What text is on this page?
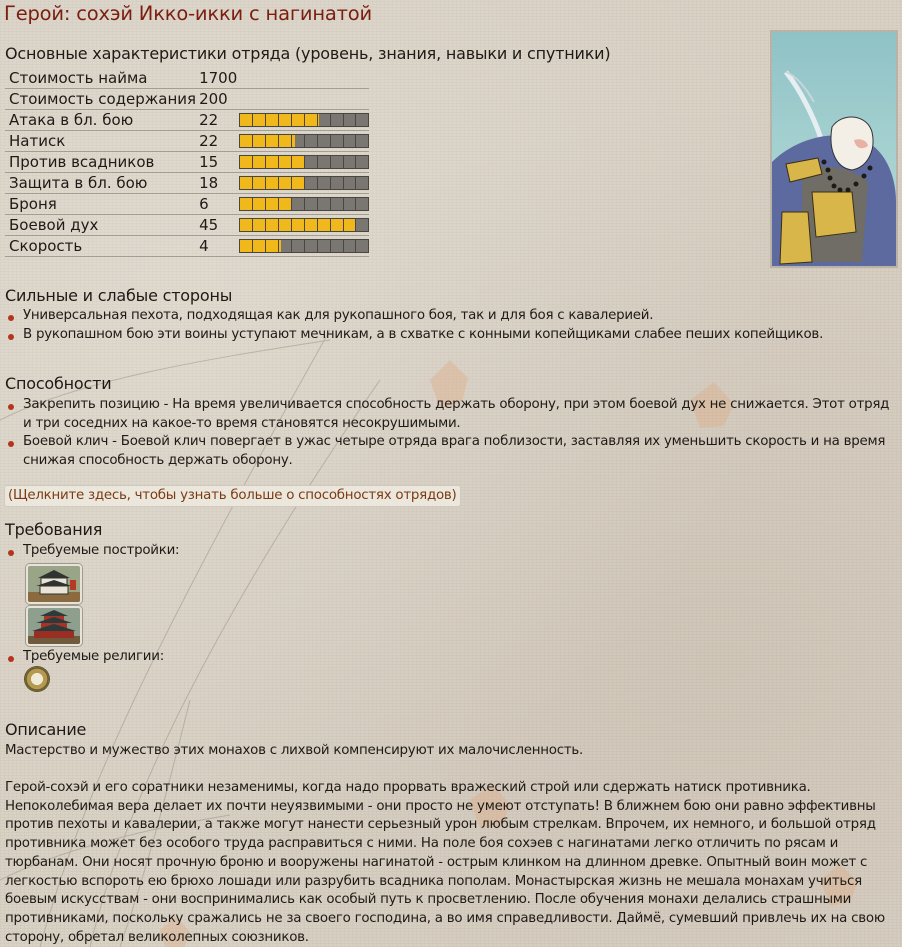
Герой: сохэй Икко-икки с нагинатой
Основные характеристики отряда (уровень, знания, навыки и спутники)
Стоимость найма	1700	
Стоимость содержания	200	
Атака в бл. бою	22	

Натиск	22	

Против всадников	15	

Защита в бл. бою	18	

Броня	6	

Боевой дух	45	

Скорость	4	
Сильные и слабые стороны
Универсальная пехота, подходящая как для рукопашного боя, так и для боя с кавалерией.
В рукопашном бою эти воины уступают мечникам, а в схватке с конными копейщиками слабее пеших копейщиков.
Способности
Закрепить позицию - На время увеличивается способность держать оборону, при этом боевой дух не снижается. Этот отряд
и три соседних на какое-то время становятся несокрушимыми.
Боевой клич - Боевой клич повергает в ужас четыре отряда врага поблизости, заставляя их уменьшить скорость и на время
снижая способность держать оборону.
(Щелкните здесь, чтобы узнать больше о способностях отрядов)
Требования
Требуемые постройки:
Требуемые религии:
Описание
Мастерство и мужество этих монахов с лихвой компенсируют их малочисленность.
Герой-сохэй и его соратники незаменимы, когда надо прорвать вражеский строй или сдержать натиск противника.
Непоколебимая вера делает их почти неуязвимыми - они просто не умеют отступать! В ближнем бою они равно эффективны
против пехоты и кавалерии, а также могут нанести серьезный урон любым стрелкам. Впрочем, их немного, и большой отряд
противника может без особого труда расправиться с ними. На поле боя сохэев с нагинатами легко отличить по рясам и
тюрбанам. Они носят прочную броню и вооружены нагинатой - острым клинком на длинном древке. Опытный воин может с
легкостью вспороть ею брюхо лошади или разрубить всадника пополам. Монастырская жизнь не мешала монахам учиться
боевым искусствам - они воспринимались как особый путь к просветлению. После обучения монахи делались страшными
противниками, поскольку сражались не за своего господина, а во имя справедливости. Даймё, сумевший привлечь их на свою
сторону, обретал великолепных союзников.
